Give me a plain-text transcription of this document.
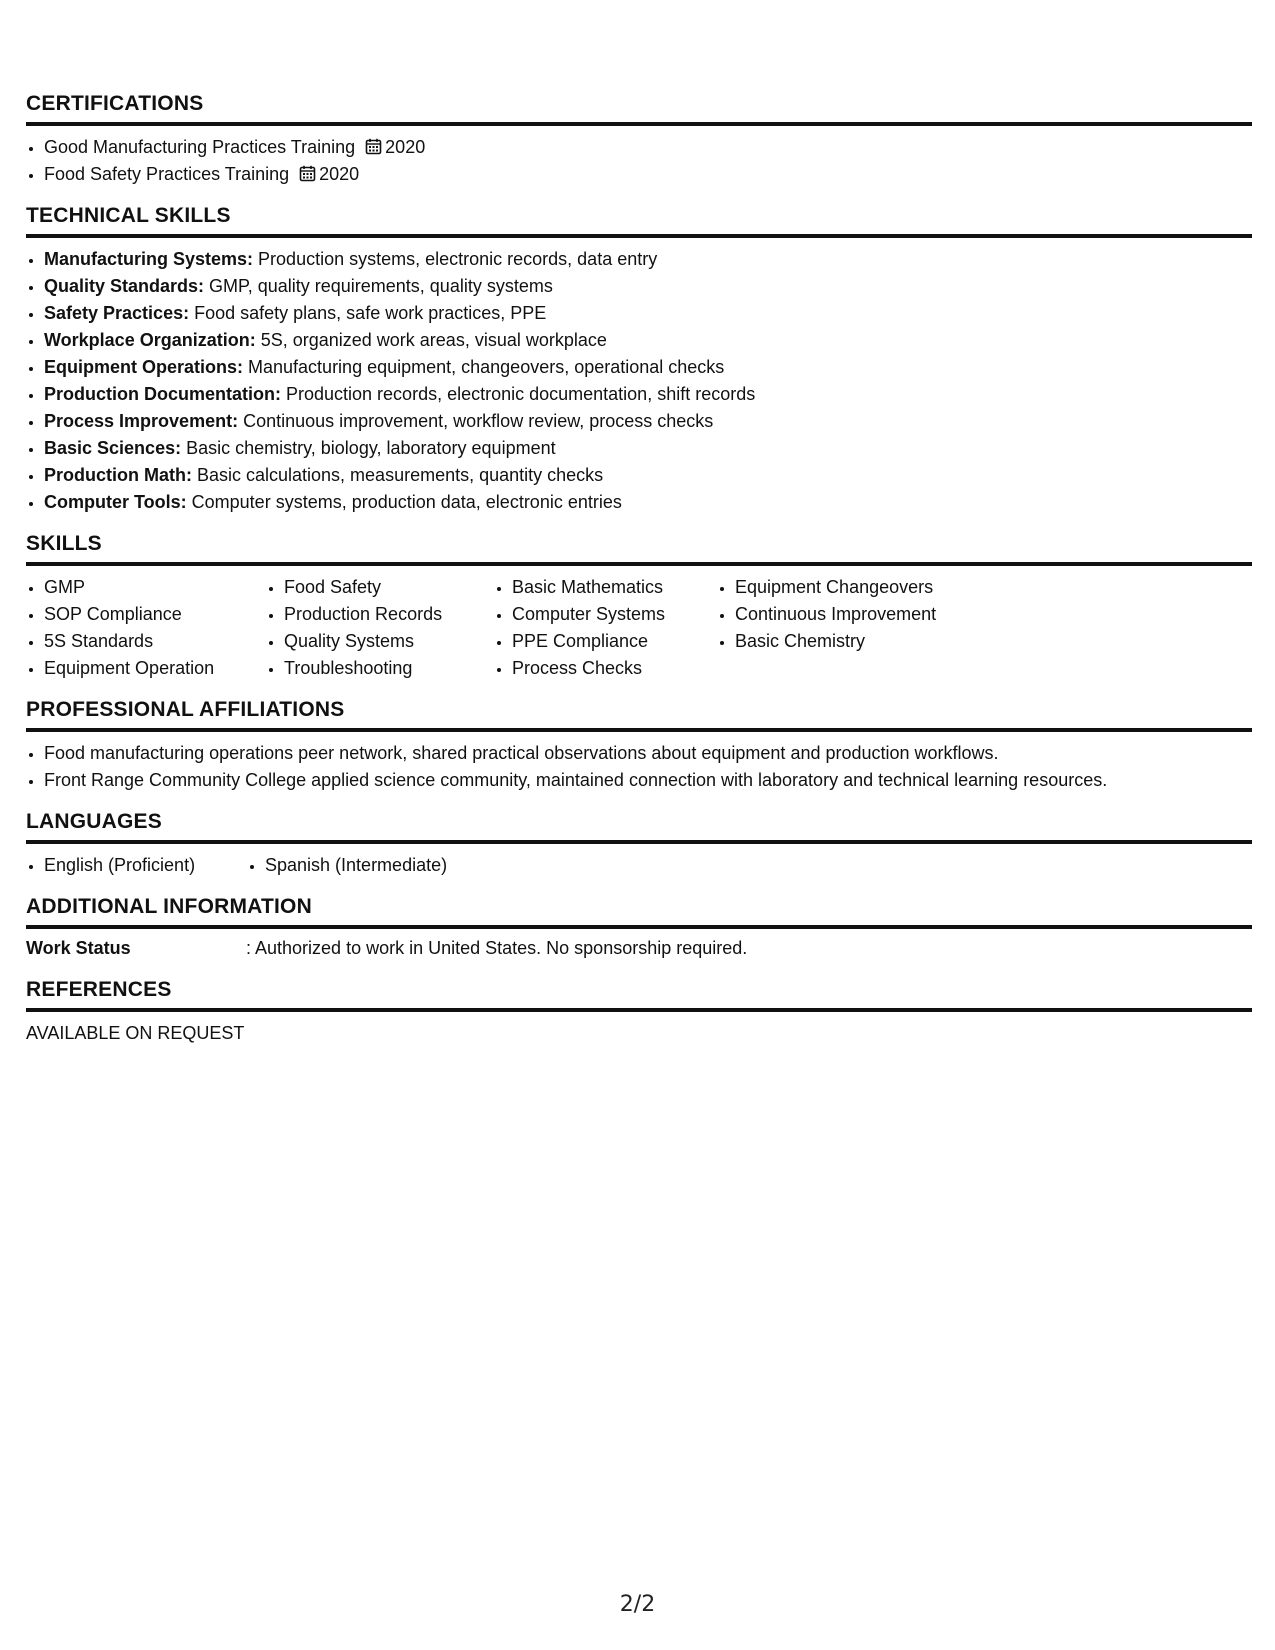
CERTIFICATIONS
• Good Manufacturing Practices Training 2020
• Food Safety Practices Training 2020
TECHNICAL SKILLS
• Manufacturing Systems: Production systems, electronic records, data entry
• Quality Standards: GMP, quality requirements, quality systems
• Safety Practices: Food safety plans, safe work practices, PPE
• Workplace Organization: 5S, organized work areas, visual workplace
• Equipment Operations: Manufacturing equipment, changeovers, operational checks
• Production Documentation: Production records, electronic documentation, shift records
• Process Improvement: Continuous improvement, workflow review, process checks
• Basic Sciences: Basic chemistry, biology, laboratory equipment
• Production Math: Basic calculations, measurements, quantity checks
• Computer Tools: Computer systems, production data, electronic entries
SKILLS
• GMP
• SOP Compliance
• 5S Standards
• Equipment Operation
• Food Safety
• Production Records
• Quality Systems
• Troubleshooting
• Basic Mathematics
• Computer Systems
• PPE Compliance
• Process Checks
• Equipment Changeovers
• Continuous Improvement
• Basic Chemistry
PROFESSIONAL AFFILIATIONS
• Food manufacturing operations peer network, shared practical observations about equipment and production workflows.
• Front Range Community College applied science community, maintained connection with laboratory and technical learning resources.
LANGUAGES
• English (Proficient)
•	Spanish (Intermediate)
ADDITIONAL INFORMATION
Work Status	: Authorized to work in United States. No sponsorship required.
REFERENCES
AVAILABLE ON REQUEST
2/2
